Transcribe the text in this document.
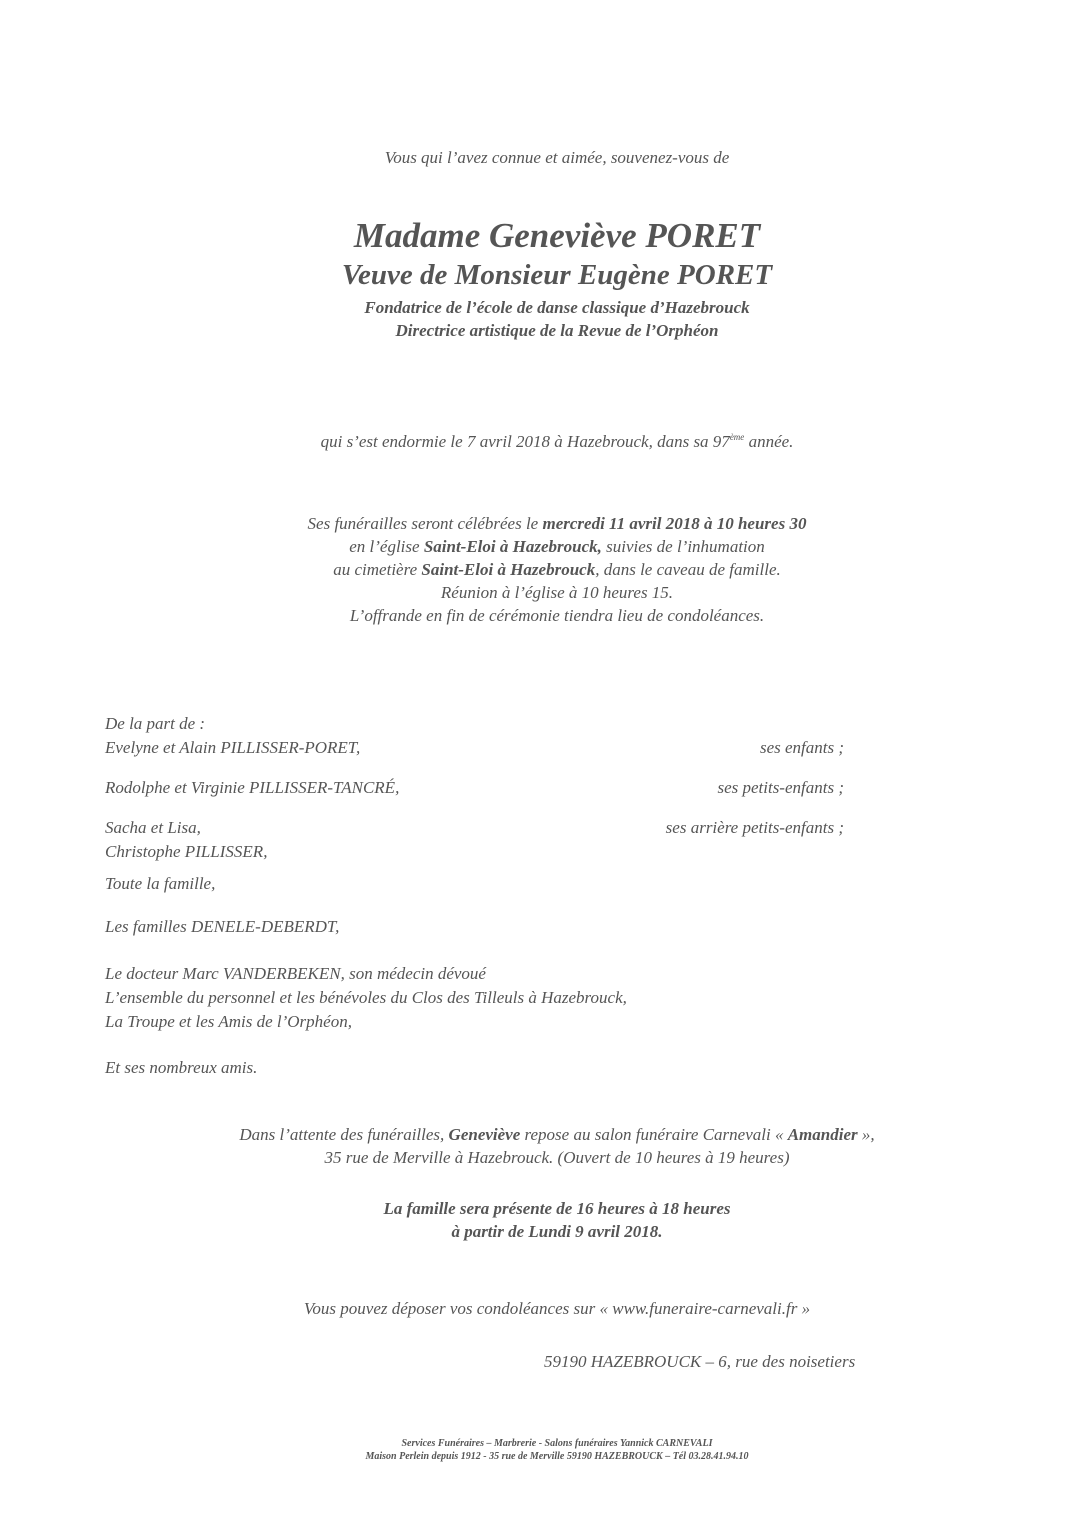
Vous qui l’avez connue et aimée, souvenez-vous de
Madame Geneviève PORET
Veuve de Monsieur Eugène PORET
Fondatrice de l’école de danse classique d’Hazebrouck
Directrice artistique de la Revue de l’Orphéon
qui s’est endormie le 7 avril 2018 à Hazebrouck, dans sa 97ème année.
Ses funérailles seront célébrées le mercredi 11 avril 2018 à 10 heures 30
en l’église Saint-Eloi à Hazebrouck, suivies de l’inhumation
au cimetière Saint-Eloi à Hazebrouck, dans le caveau de famille.
Réunion à l’église à 10 heures 15.
L’offrande en fin de cérémonie tiendra lieu de condoléances.
De la part de :
Evelyne et Alain PILLISSER-PORET,	ses enfants ;
Rodolphe et Virginie PILLISSER-TANCRÉ,	ses petits-enfants ;
Sacha et Lisa,	ses arrière petits-enfants ;
Christophe PILLISSER,
Toute la famille,
Les familles DENELE-DEBERDT,
Le docteur Marc VANDERBEKEN, son médecin dévoué
L’ensemble du personnel et les bénévoles du Clos des Tilleuls à Hazebrouck,
La Troupe et les Amis de l’Orphéon,
Et ses nombreux amis.
Dans l’attente des funérailles, Geneviève repose au salon funéraire Carnevali « Amandier »,
35 rue de Merville à Hazebrouck. (Ouvert de 10 heures à 19 heures)
La famille sera présente de 16 heures à 18 heures
à partir de Lundi 9 avril 2018.
Vous pouvez déposer vos condoléances sur « www.funeraire-carnevali.fr »
59190 HAZEBROUCK – 6, rue des noisetiers
Services Funéraires – Marbrerie - Salons funéraires Yannick CARNEVALI
Maison Perlein depuis 1912 - 35 rue de Merville 59190 HAZEBROUCK – Tél 03.28.41.94.10
